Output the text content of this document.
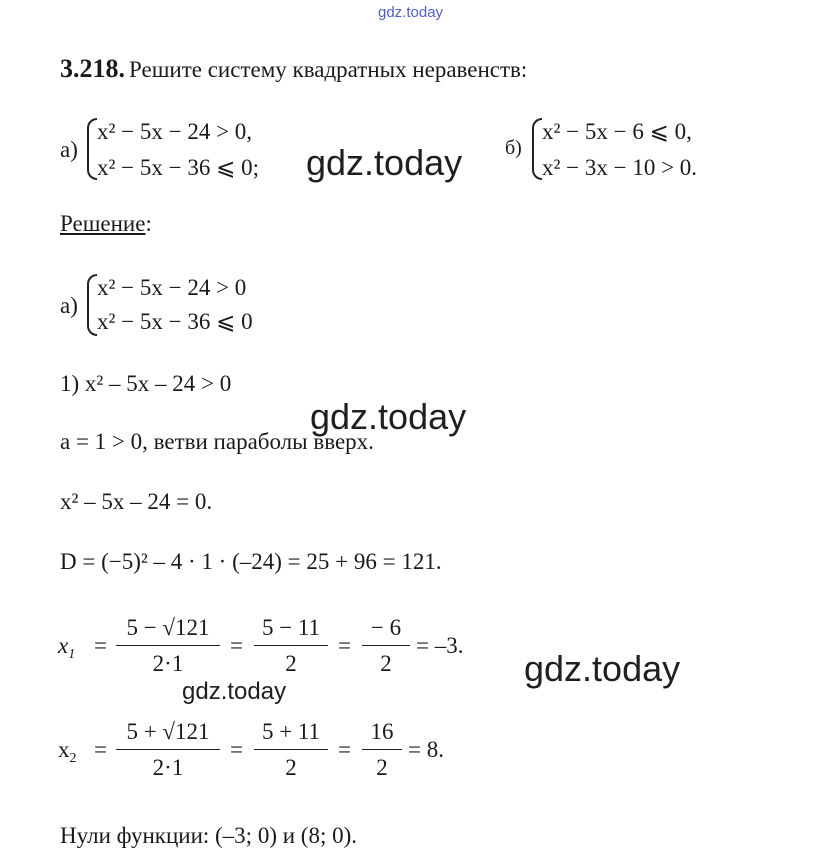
gdz.today
3.218. Решите систему квадратных неравенств:
а)
x² − 5x − 24 > 0,
x² − 5x − 36 ⩽ 0; gdz.today б)
x² − 5x − 6 ⩽ 0,
x² − 3x − 10 > 0.
Решение:
а)
x² − 5x − 24 > 0
x² − 5x − 36 ⩽ 0
1) x² – 5x – 24 > 0
gdz.today
a = 1 > 0, ветви параболы вверх.
x² – 5x – 24 = 0.
D = (−5)² – 4 · 1 · (–24) = 25 + 96 = 121.
$x_1$ =
5 − √121
2·1
=
5 − 11
2
=
− 6
2
= –3.
gdz.today
gdz.today
$x_2$ =
5 + √121
2·1
=
5 + 11
2
=
16
2
= 8.
Нули функции: (–3; 0) и (8; 0).
